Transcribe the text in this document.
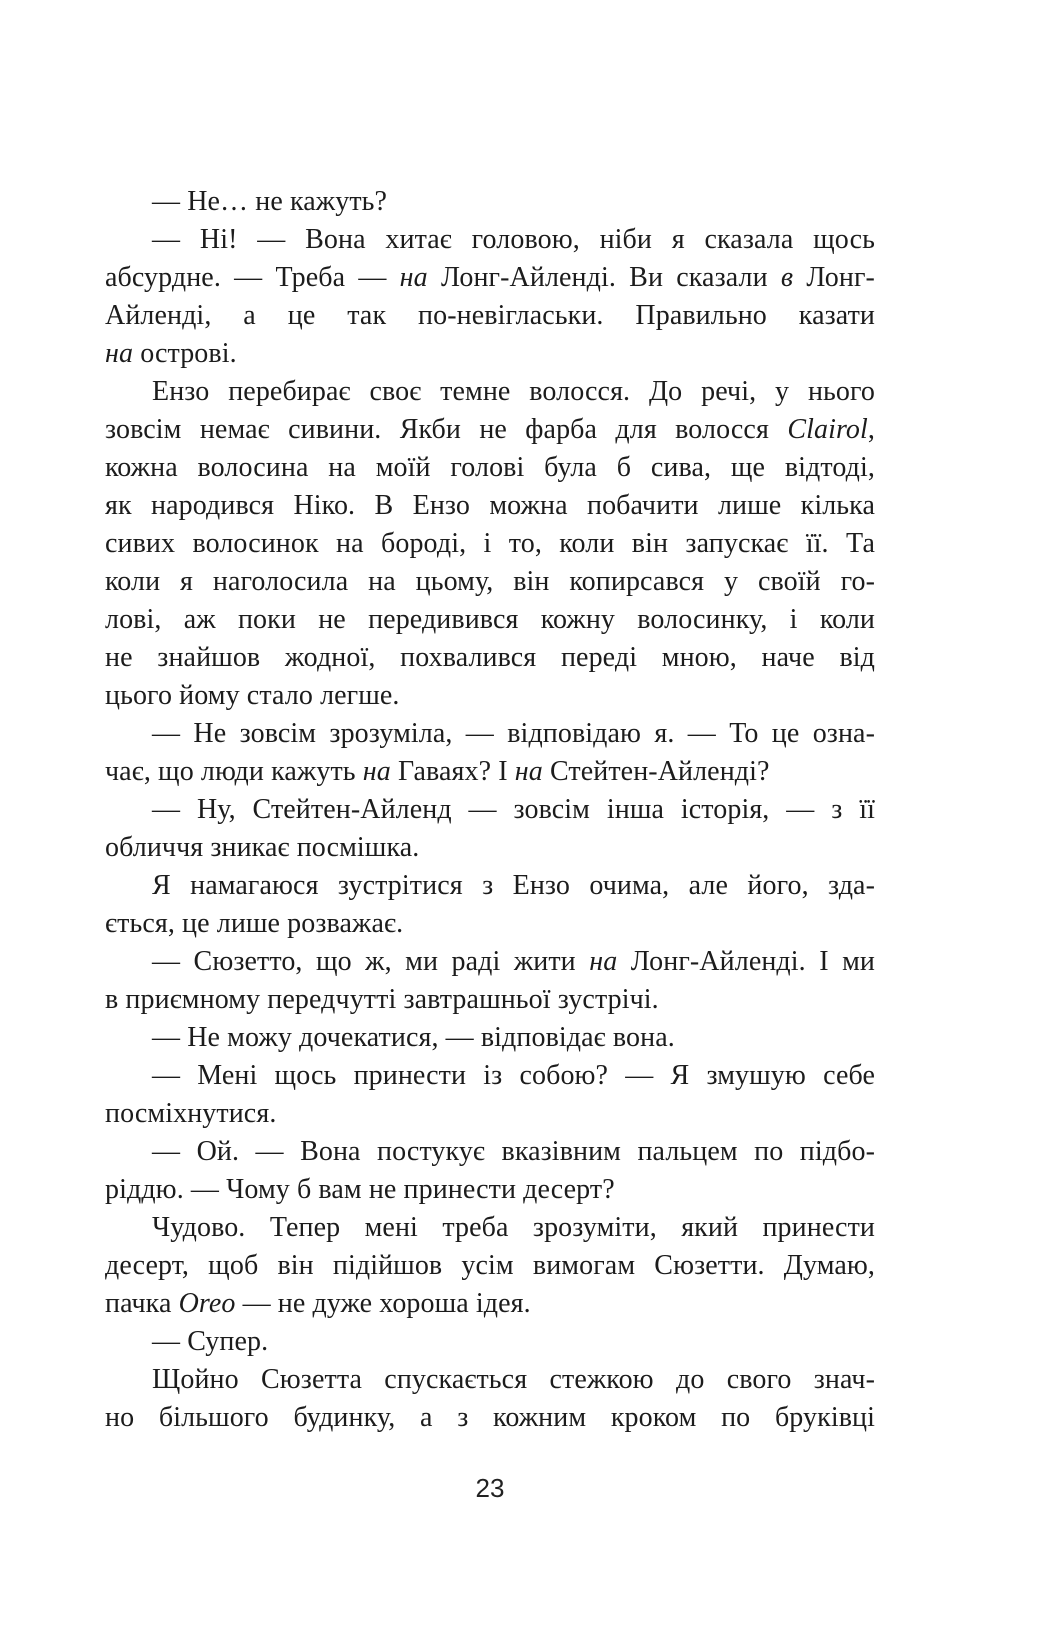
— Не… не кажуть?
— Ні! — Вона хитає головою, ніби я сказала щось
абсурдне. — Треба — на Лонг-Айленді. Ви сказали в Лонг-
Айленді, а це так по-невігласьки. Правильно казати
на острові.
Ензо перебирає своє темне волосся. До речі, у нього
зовсім немає сивини. Якби не фарба для волосся Clairol,
кожна волосина на моїй голові була б сива, ще відтоді,
як народився Ніко. В Ензо можна побачити лише кілька
сивих волосинок на бороді, і то, коли він запускає її. Та
коли я наголосила на цьому, він копирсався у своїй го-
лові, аж поки не передивився кожну волосинку, і коли
не знайшов жодної, похвалився переді мною, наче від
цього йому стало легше.
— Не зовсім зрозуміла, — відповідаю я. — То це озна-
чає, що люди кажуть на Гаваях? І на Стейтен-Айленді?
— Ну, Стейтен-Айленд — зовсім інша історія, — з її
обличчя зникає посмішка.
Я намагаюся зустрітися з Ензо очима, але його, зда-
ється, це лише розважає.
— Сюзетто, що ж, ми раді жити на Лонг-Айленді. І ми
в приємному передчутті завтрашньої зустрічі.
— Не можу дочекатися, — відповідає вона.
— Мені щось принести із собою? — Я змушую себе
посміхнутися.
— Ой. — Вона постукує вказівним пальцем по підбо-
ріддю. — Чому б вам не принести десерт?
Чудово. Тепер мені треба зрозуміти, який принести
десерт, щоб він підійшов усім вимогам Сюзетти. Думаю,
пачка Oreo — не дуже хороша ідея.
— Супер.
Щойно Сюзетта спускається стежкою до свого знач-
но більшого будинку, а з кожним кроком по бруківці
23
